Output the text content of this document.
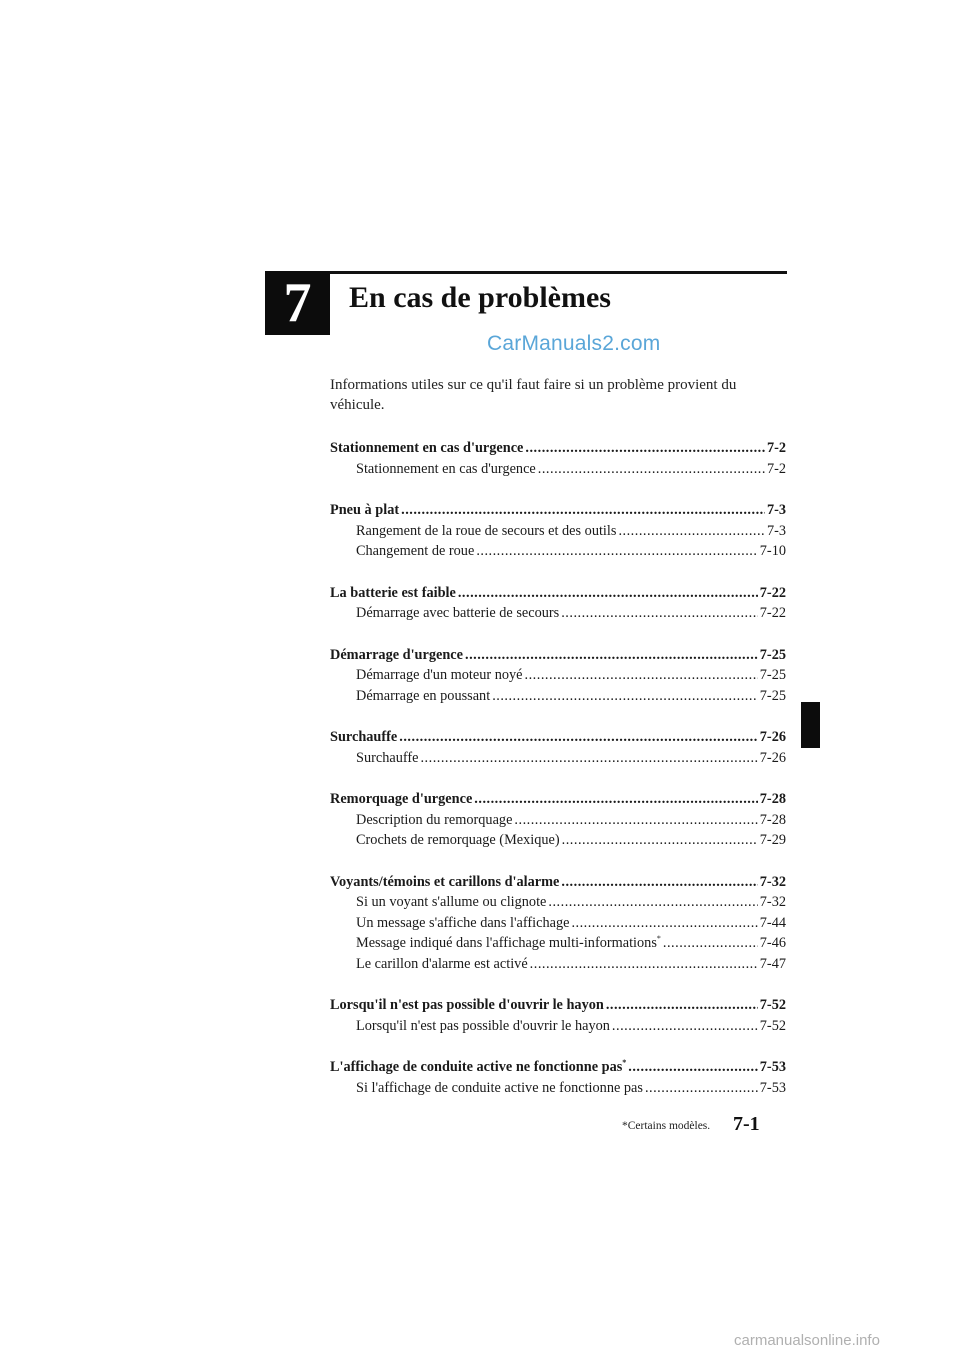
7	En cas de problèmes
CarManuals2.com
Informations utiles sur ce qu'il faut faire si un problème provient du véhicule.
Stationnement en cas d'urgence .....	7-2
Stationnement en cas d'urgence .....	7-2
Pneu à plat .....	7-3
Rangement de la roue de secours et des outils .....	7-3
Changement de roue .....	7-10
La batterie est faible .....	7-22
Démarrage avec batterie de secours .....	7-22
Démarrage d'urgence .....	7-25
Démarrage d'un moteur noyé .....	7-25
Démarrage en poussant .....	7-25
Surchauffe .....	7-26
Surchauffe .....	7-26
Remorquage d'urgence .....	7-28
Description du remorquage .....	7-28
Crochets de remorquage (Mexique) .....	7-29
Voyants/témoins et carillons d'alarme .....	7-32
Si un voyant s'allume ou clignote .....	7-32
Un message s'affiche dans l'affichage .....	7-44
Message indiqué dans l'affichage multi-informations* .....	7-46
Le carillon d'alarme est activé .....	7-47
Lorsqu'il n'est pas possible d'ouvrir le hayon .....	7-52
Lorsqu'il n'est pas possible d'ouvrir le hayon .....	7-52
L'affichage de conduite active ne fonctionne pas* .....	7-53
Si l'affichage de conduite active ne fonctionne pas .....	7-53
*Certains modèles. 7-1
carmanualsonline.info
